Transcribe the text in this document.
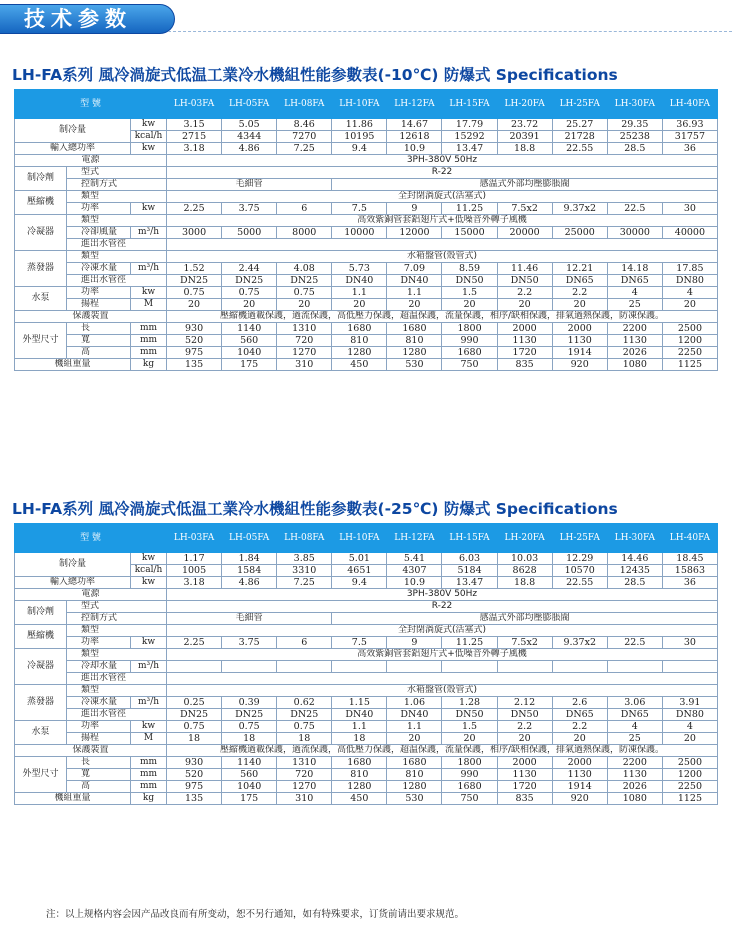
技术参数
LH-FA系列 風冷渦旋式低温工業冷水機組性能参數表(-10℃) 防爆式 Specifications
型 號			LH-03FA	LH-05FA	LH-08FA	LH-10FA	LH-12FA	LH-15FA	LH-20FA	LH-25FA	LH-30FA	LH-40FA
制冷量		kw	3.15	5.05	8.46	11.86	14.67	17.79	23.72	25.27	29.35	36.93
		kcal/h	2715	4344	7270	10195	12618	15292	20391	21728	25238	31757
輸入總功率		kw	3.18	4.86	7.25	9.4	10.9	13.47	18.8	22.55	28.5	36
電源			3PH-380V 50Hz									
制冷劑	型式		R-22									
	控制方式		毛細管			感温式外部均壓膨脹閥						
壓縮機	類型		全封閉渦旋式(活塞式)									
	功率	kw	2.25	3.75	6	7.5	9	11.25	7.5x2	9.37x2	22.5	30
冷凝器	類型		高效紫銅管套鋁翅片式+低噪音外轉子風機									
	冷卻風量	m³/h	3000	5000	8000	10000	12000	15000	20000	25000	30000	40000
	進出水管徑											
蒸發器	類型		水箱盤管(殼管式)									
	冷凍水量	m³/h	1.52	2.44	4.08	5.73	7.09	8.59	11.46	12.21	14.18	17.85
	進出水管徑		DN25	DN25	DN25	DN40	DN40	DN50	DN50	DN65	DN65	DN80
水泵	功率	kw	0.75	0.75	0.75	1.1	1.1	1.5	2.2	2.2	4	4
	揚程	M	20	20	20	20	20	20	20	20	25	20
保護裝置			壓縮機過載保護，過流保護，高低壓力保護，超温保護，流量保護，相序/缺相保護，排氣過熱保護，防凍保護。									
外型尺寸	長	mm	930	1140	1310	1680	1680	1800	2000	2000	2200	2500
	寬	mm	520	560	720	810	810	990	1130	1130	1130	1200
	高	mm	975	1040	1270	1280	1280	1680	1720	1914	2026	2250
機組重量		kg	135	175	310	450	530	750	835	920	1080	1125
LH-FA系列 風冷渦旋式低温工業冷水機組性能参數表(-25℃) 防爆式 Specifications
型 號			LH-03FA	LH-05FA	LH-08FA	LH-10FA	LH-12FA	LH-15FA	LH-20FA	LH-25FA	LH-30FA	LH-40FA
制冷量		kw	1.17	1.84	3.85	5.01	5.41	6.03	10.03	12.29	14.46	18.45
		kcal/h	1005	1584	3310	4651	4307	5184	8628	10570	12435	15863
輸入總功率		kw	3.18	4.86	7.25	9.4	10.9	13.47	18.8	22.55	28.5	36
電源			3PH-380V 50Hz									
制冷劑	型式		R-22									
	控制方式		毛細管			感温式外部均壓膨脹閥						
壓縮機	類型		全封閉渦旋式(活塞式)									
	功率	kw	2.25	3.75	6	7.5	9	11.25	7.5x2	9.37x2	22.5	30
冷凝器	類型		高效紫銅管套鋁翅片式+低噪音外轉子風機									
	冷却水量	m³/h										
	進出水管徑											
蒸發器	類型		水箱盤管(殼管式)									
	冷凍水量	m³/h	0.25	0.39	0.62	1.15	1.06	1.28	2.12	2.6	3.06	3.91
	進出水管徑		DN25	DN25	DN25	DN40	DN40	DN50	DN50	DN65	DN65	DN80
水泵	功率	kw	0.75	0.75	0.75	1.1	1.1	1.5	2.2	2.2	4	4
	揚程	M	18	18	18	18	20	20	20	20	25	20
保護裝置			壓縮機過載保護，過流保護，高低壓力保護，超温保護，流量保護，相序/缺相保護，排氣過熱保護，防凍保護。									
外型尺寸	長	mm	930	1140	1310	1680	1680	1800	2000	2000	2200	2500
	寬	mm	520	560	720	810	810	990	1130	1130	1130	1200
	高	mm	975	1040	1270	1280	1280	1680	1720	1914	2026	2250
機組重量		kg	135	175	310	450	530	750	835	920	1080	1125
注：以上规格内容会因产品改良而有所变动，恕不另行通知，如有特殊要求，订货前请出要求规范。
